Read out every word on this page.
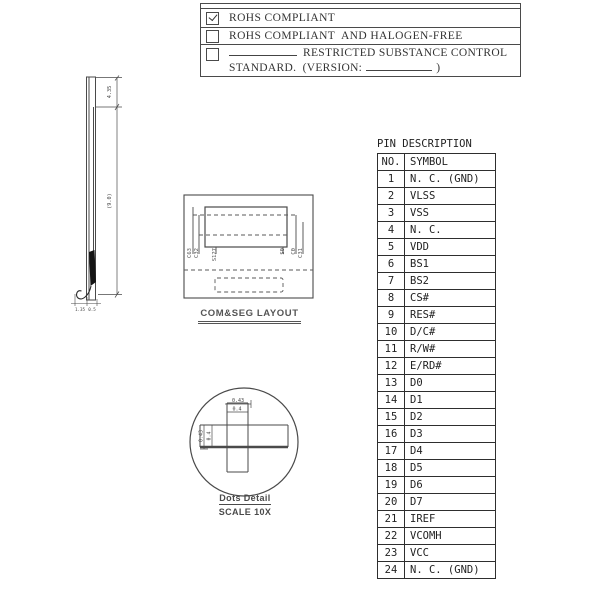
ROHS COMPLIANT
ROHS COMPLIANT  AND HALOGEN-FREE
RESTRICTED SUBSTANCE CONTROL
STANDARD.  (VERSION:	)
4.35
(9.0)
1.35 0.5
C63 C32 S127	S0 C0 C31
COM&SEG LAYOUT
0.43
0.4
0.43 0.4
Dots Detail
SCALE 10X
PIN DESCRIPTION
NO.	SYMBOL
1	N. C. (GND)
2	VLSS
3	VSS
4	N. C.
5	VDD
6	BS1
7	BS2
8	CS#
9	RES#
10	D/C#
11	R/W#
12	E/RD#
13	D0
14	D1
15	D2
16	D3
17	D4
18	D5
19	D6
20	D7
21	IREF
22	VCOMH
23	VCC
24	N. C. (GND)
